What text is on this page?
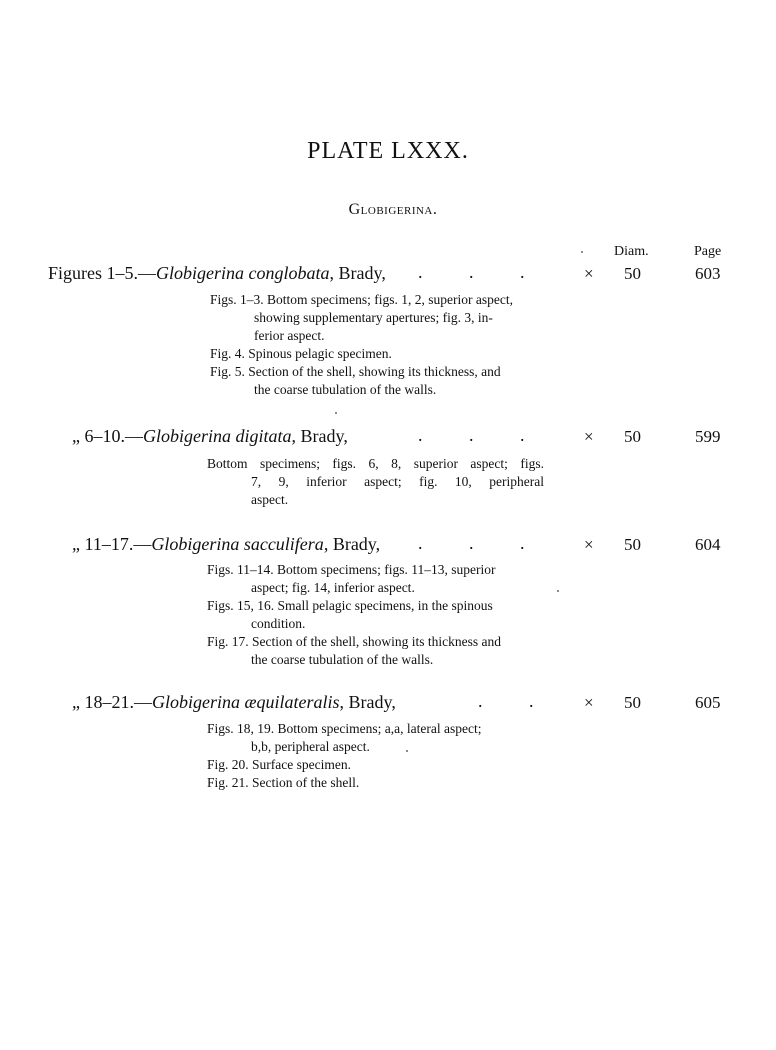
PLATE LXXX.
Globigerina.
Diam.	Page
Figures 1–5.—Globigerina conglobata, Brady, . . .	× 50	603
Figs. 1–3. Bottom specimens; figs. 1, 2, superior aspect,
showing supplementary apertures; fig. 3, in-
ferior aspect.
Fig. 4. Spinous pelagic specimen.
Fig. 5. Section of the shell, showing its thickness, and
the coarse tubulation of the walls.
„ 6–10.—Globigerina digitata, Brady,	. . .	× 50	599
Bottom specimens; figs. 6, 8, superior aspect; figs.
7, 9, inferior aspect; fig. 10, peripheral
aspect.
„ 11–17.—Globigerina sacculifera, Brady, . . .	× 50	604
Figs. 11–14. Bottom specimens; figs. 11–13, superior
aspect; fig. 14, inferior aspect.
Figs. 15, 16. Small pelagic specimens, in the spinous
condition.
Fig. 17. Section of the shell, showing its thickness and
the coarse tubulation of the walls.
„ 18–21.—Globigerina æquilateralis, Brady,	. .	× 50	605
Figs. 18, 19. Bottom specimens; a,a, lateral aspect;
b,b, peripheral aspect.
Fig. 20. Surface specimen.
Fig. 21. Section of the shell.
